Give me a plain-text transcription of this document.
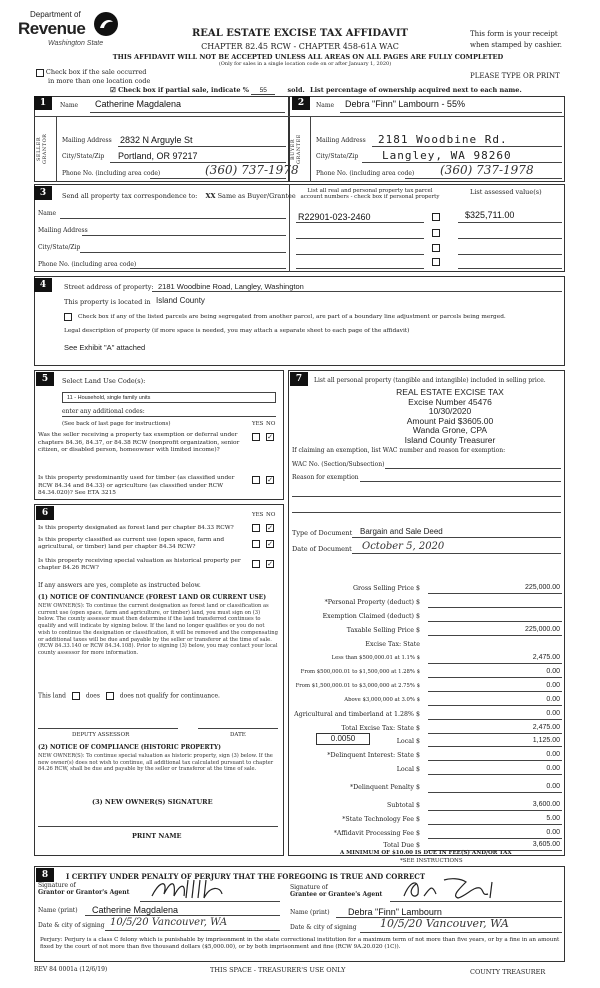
Department of
Revenue
Washington State
REAL ESTATE EXCISE TAX AFFIDAVIT
CHAPTER 82.45 RCW - CHAPTER 458-61A WAC
THIS AFFIDAVIT WILL NOT BE ACCEPTED UNLESS ALL AREAS ON ALL PAGES ARE FULLY COMPLETED
(Only for sales in a single location code on or after January 1, 2020)
This form is your receipt
when stamped by cashier.
PLEASE TYPE OR PRINT
Check box if the sale occurred
in more than one location code
☑ Check box if partial sale, indicate % 55	sold. List percentage of ownership acquired next to each name.
1
SELLER GRANTOR
Name Catherine Magdalena
Mailing Address 2832 N Arguyle St
City/State/Zip Portland, OR 97217
Phone No. (including area code)	(360) 737-1978
2
BUYER GRANTEE
Name Debra "Finn" Lambourn - 55%
Mailing Address 2181 Woodbine Rd.
City/State/Zip Langley, WA 98260
Phone No. (including area code) (360) 737-1978
3	Send all property tax correspondence to: XX Same as Buyer/Grantee
Name
Mailing Address
City/State/Zip
Phone No. (including area code)
List all real and personal property tax parcel account numbers - check box if personal property
List assessed value(s)
R22901-023-2460	$325,711.00
4	Street address of property: 2181 Woodbine Road, Langley, Washington
This property is located in Island County
Check box if any of the listed parcels are being segregated from another parcel, are part of a boundary line adjustment or parcels being merged.
Legal description of property (if more space is needed, you may attach a separate sheet to each page of the affidavit)
See Exhibit "A" attached
5	Select Land Use Code(s):
11 - Household, single family units
enter any additional codes:
(See back of last page for instructions)	YES NO
Was the seller receiving a property tax exemption or deferral under chapters 84.36, 84.37, or 84.38 RCW (nonprofit organization, senior citizen, or disabled person, homeowner with limited income)?
✓
Is this property predominantly used for timber (as classified under RCW 84.34 and 84.33) or agriculture (as classified under RCW 84.34.020)? See ETA 3215
✓
6	YES NO
Is this property designated as forest land per chapter 84.33 RCW?	✓
Is this property classified as current use (open space, farm and agricultural, or timber) land per chapter 84.34 RCW?	✓
Is this property receiving special valuation as historical property per chapter 84.26 RCW?	✓
If any answers are yes, complete as instructed below.
(1) NOTICE OF CONTINUANCE (FOREST LAND OR CURRENT USE)
NEW OWNER(S): To continue the current designation as forest land or classification as current use (open space, farm and agriculture, or timber) land, you must sign on (3) below. The county assessor must then determine if the land transferred continues to qualify and will indicate by signing below. If the land no longer qualifies or you do not wish to continue the designation or classification, it will be removed and the compensating or additional taxes will be due and payable by the seller or transferor at the time of sale. (RCW 84.33.140 or RCW 84.34.108). Prior to signing (3) below, you may contact your local county assessor for more information.
This land	does	does not qualify for continuance.
DEPUTY ASSESSOR	DATE
(2) NOTICE OF COMPLIANCE (HISTORIC PROPERTY)
NEW OWNER(S): To continue special valuation as historic property, sign (3) below. If the new owner(s) does not wish to continue, all additional tax calculated pursuant to chapter 84.26 RCW, shall be due and payable by the seller or transferor at the time of sale.
(3) NEW OWNER(S) SIGNATURE
PRINT NAME
7	List all personal property (tangible and intangible) included in selling price.
REAL ESTATE EXCISE TAX
Excise Number 45476
10/30/2020
Amount Paid $3605.00
Wanda Grone, CPA
Island County Treasurer
If claiming an exemption, list WAC number and reason for exemption:
WAC No. (Section/Subsection)
Reason for exemption
Type of Document Bargain and Sale Deed
Date of Document October 5, 2020
Gross Selling Price $	225,000.00
*Personal Property (deduct) $
Exemption Claimed (deduct) $
Taxable Selling Price $	225,000.00
Excise Tax: State
Less than $500,000.01 at 1.1% $	2,475.00
From $500,000.01 to $1,500,000 at 1.28% $	0.00
From $1,500,000.01 to $3,000,000 at 2.75% $	0.00
Above $3,000,000 at 3.0% $	0.00
Agricultural and timberland at 1.28% $	0.00
Total Excise Tax: State $	2,475.00
Local $	1,125.00
*Delinquent Interest: State $	0.00
Local $	0.00
*Delinquent Penalty $	0.00
Subtotal $	3,600.00
*State Technology Fee $	5.00
*Affidavit Processing Fee $	0.00
Total Due $	3,605.00
0.0050
A MINIMUM OF $10.00 IS DUE IN FEE(S) AND/OR TAX
*SEE INSTRUCTIONS
8	I CERTIFY UNDER PENALTY OF PERJURY THAT THE FOREGOING IS TRUE AND CORRECT
Signature of
Grantor or Grantor's Agent
Name (print) Catherine Magdalena
Date & city of signing 10/5/20 Vancouver, WA
Signature of
Grantee or Grantee's Agent
Name (print) Debra "Finn" Lambourn
Date & city of signing 10/5/20 Vancouver, WA
Perjury: Perjury is a class C felony which is punishable by imprisonment in the state correctional institution for a maximum term of not more than five years, or by a fine in an amount fixed by the court of not more than five thousand dollars ($5,000.00), or by both imprisonment and fine (RCW 9A.20.020 (1C)).
REV 84 0001a (12/6/19)	THIS SPACE - TREASURER'S USE ONLY	COUNTY TREASURER
